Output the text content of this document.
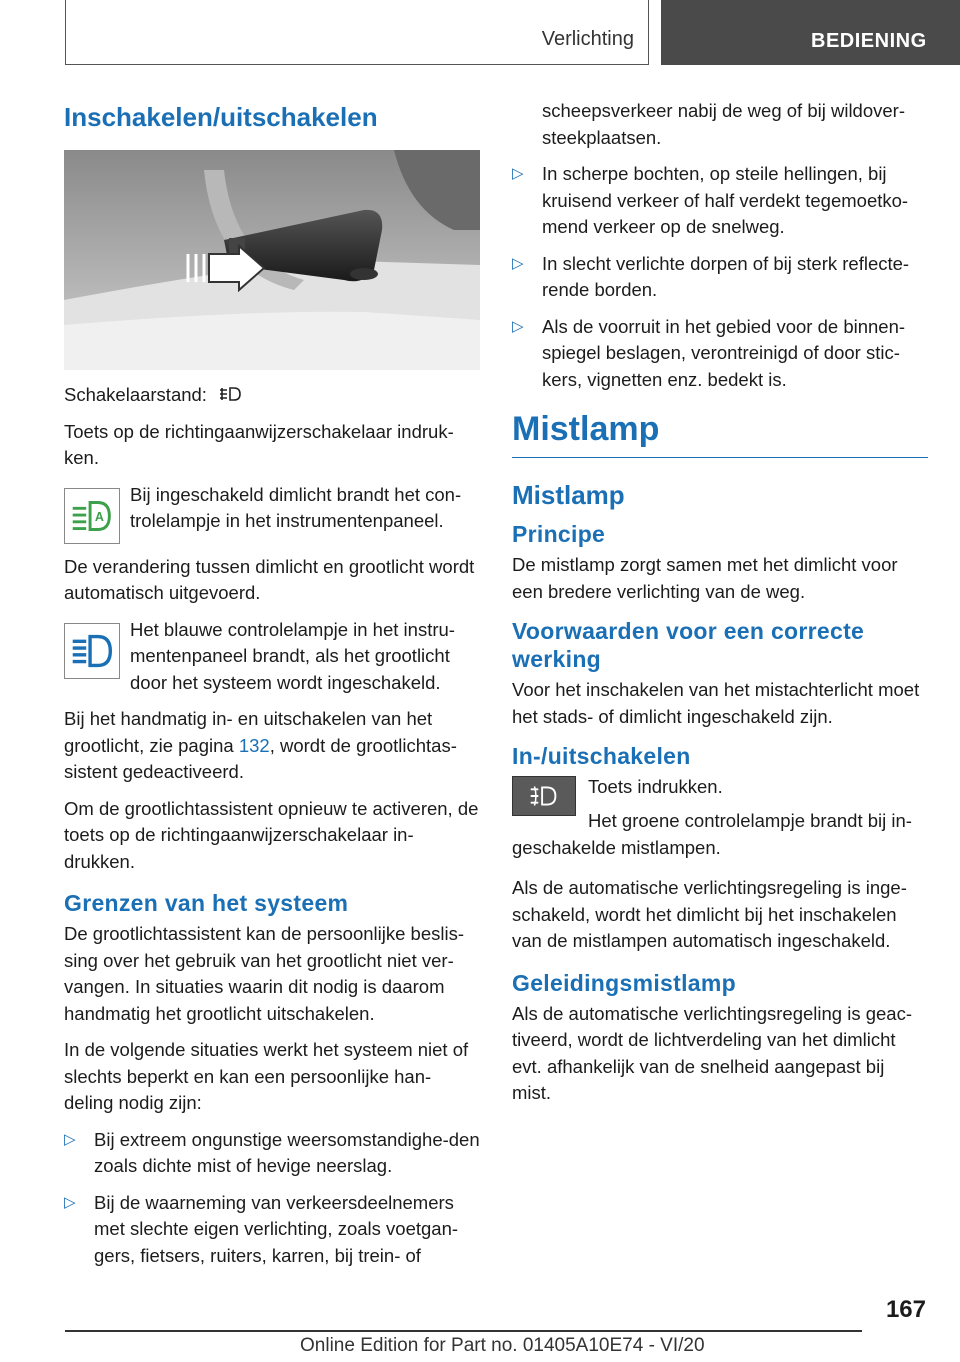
Verlichting	BEDIENING
Inschakelen/uitschakelen

Schakelaarstand:

Toets op de richtingaanwijzerschakelaar indruk-ken.

A

Bij ingeschakeld dimlicht brandt het con-trolelampje in het instrumentenpaneel.

De verandering tussen dimlicht en grootlicht wordt automatisch uitgevoerd.

Het blauwe controlelampje in het instru-mentenpaneel brandt, als het grootlicht door het systeem wordt ingeschakeld.

Bij het handmatig in- en uitschakelen van het grootlicht, zie pagina 132, wordt de grootlichtas-sistent gedeactiveerd.

Om de grootlichtassistent opnieuw te activeren, de toets op de richtingaanwijzerschakelaar in-drukken.

Grenzen van het systeem

De grootlichtassistent kan de persoonlijke beslis-sing over het gebruik van het grootlicht niet ver-vangen. In situaties waarin dit nodig is daarom handmatig het grootlicht uitschakelen.

In de volgende situaties werkt het systeem niet of slechts beperkt en kan een persoonlijke han-deling nodig zijn:

▷ Bij extreem ongunstige weersomstandighe-den zoals dichte mist of hevige neerslag.
▷ Bij de waarneming van verkeersdeelnemers met slechte eigen verlichting, zoals voetgan-gers, fietsers, ruiters, karren, bij trein- of

scheepsverkeer nabij de weg of bij wildover-steekplaatsen.

▷ In scherpe bochten, op steile hellingen, bij kruisend verkeer of half verdekt tegemoetko-mend verkeer op de snelweg.
▷ In slecht verlichte dorpen of bij sterk reflecte-rende borden.
▷ Als de voorruit in het gebied voor de binnen-spiegel beslagen, verontreinigd of door stic-kers, vignetten enz. bedekt is.
Mistlamp
Mistlamp
Principe

De mistlamp zorgt samen met het dimlicht voor een bredere verlichting van de weg.

Voorwaarden voor een correcte werking

Voor het inschakelen van het mistachterlicht moet het stads- of dimlicht ingeschakeld zijn.

In-/uitschakelen

Toets indrukken.

Het groene controlelampje brandt bij in-geschakelde mistlampen.

Als de automatische verlichtingsregeling is inge-schakeld, wordt het dimlicht bij het inschakelen van de mistlampen automatisch ingeschakeld.

Geleidingsmistlamp

Als de automatische verlichtingsregeling is geac-tiveerd, wordt de lichtverdeling van het dimlicht evt. afhankelijk van de snelheid aangepast bij mist.

167
Online Edition for Part no. 01405A10E74 - VI/20
